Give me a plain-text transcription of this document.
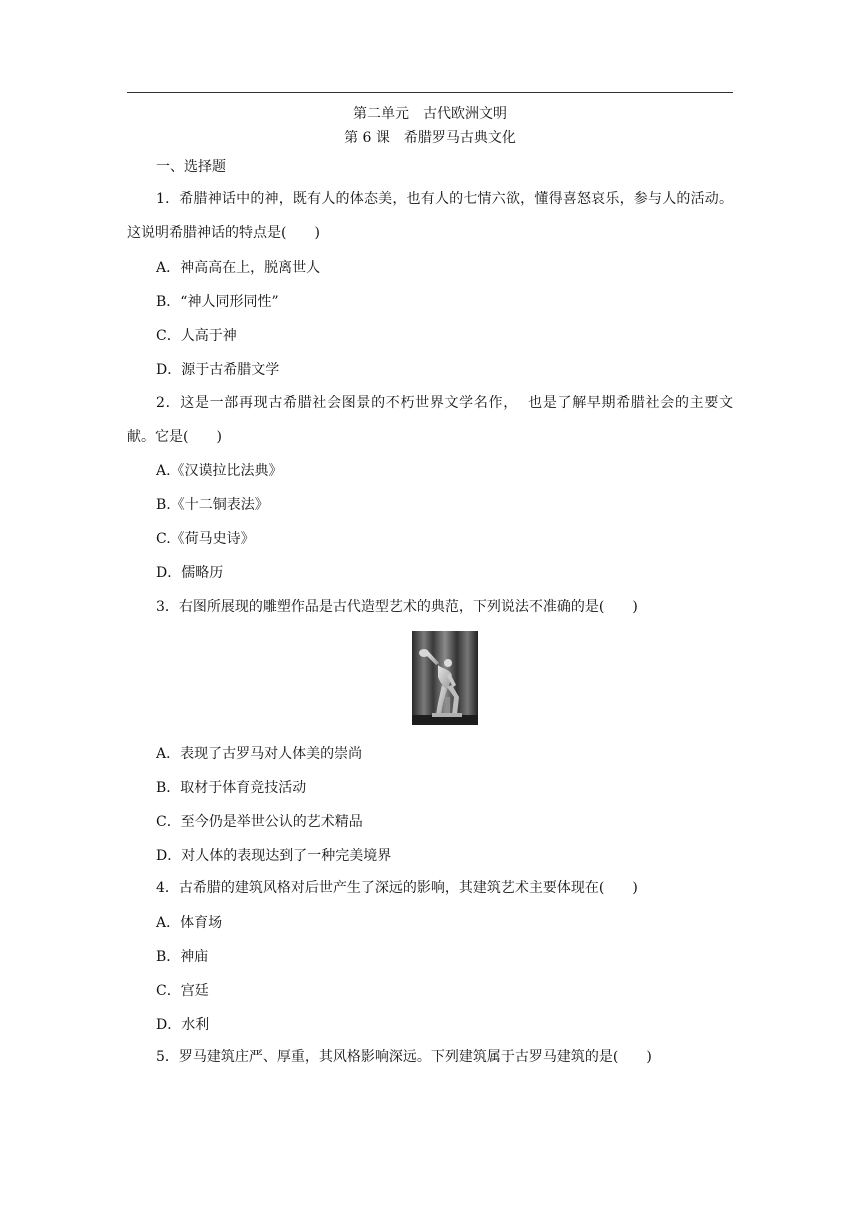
第二单元　古代欧洲文明
第 6 课　希腊罗马古典文化
一、选择题
1．希腊神话中的神，既有人的体态美，也有人的七情六欲，懂得喜怒哀乐，参与人的活动。这说明希腊神话的特点是(　　)
A．神高高在上，脱离世人
B．“神人同形同性”
C．人高于神
D．源于古希腊文学
2．这是一部再现古希腊社会图景的不朽世界文学名作，  也是了解早期希腊社会的主要文献。它是(　　)
A.《汉谟拉比法典》
B.《十二铜表法》
C.《荷马史诗》
D．儒略历
3．右图所展现的雕塑作品是古代造型艺术的典范，下列说法不准确的是(　　)
A．表现了古罗马对人体美的崇尚
B．取材于体育竞技活动
C．至今仍是举世公认的艺术精品
D．对人体的表现达到了一种完美境界
4．古希腊的建筑风格对后世产生了深远的影响，其建筑艺术主要体现在(　　)
A．体育场
B．神庙
C．宫廷
D．水利
5．罗马建筑庄严、厚重，其风格影响深远。下列建筑属于古罗马建筑的是(　　)
